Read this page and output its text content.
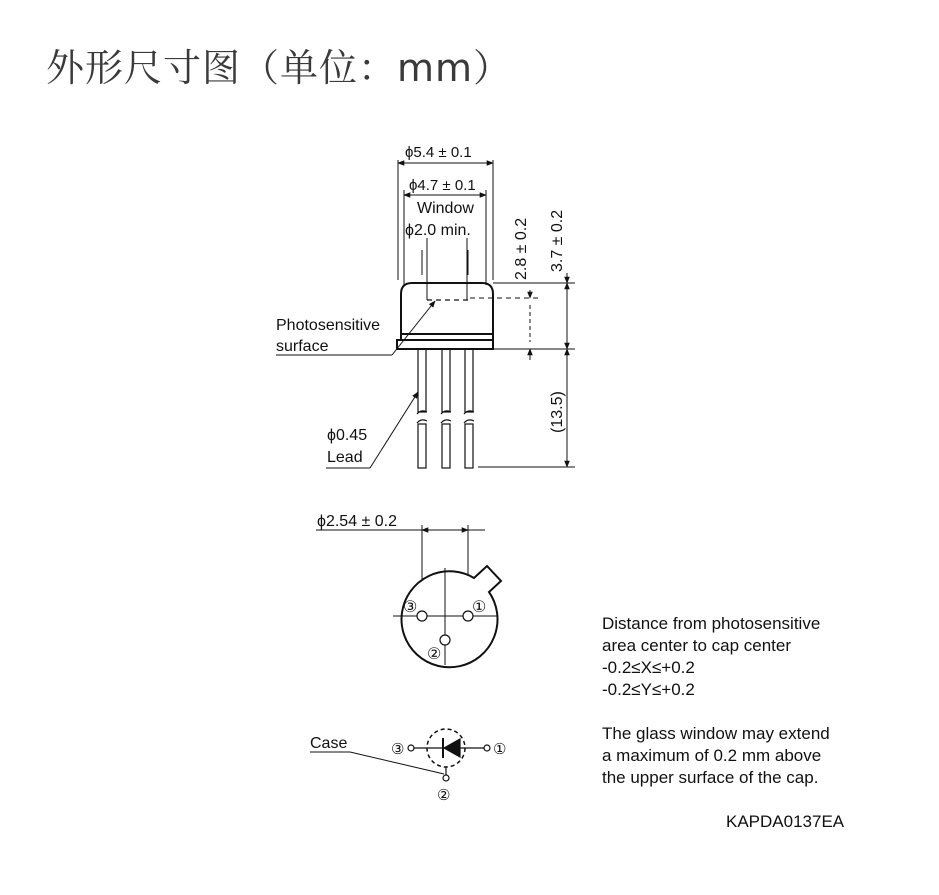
外形尺寸图（单位：mm）
ϕ5.4 ± 0.1
ϕ4.7 ± 0.1
Window
ϕ2.0 min.	2.8 ± 0.2 3.7 ± 0.2
(13.5)
Photosensitive
surface
ϕ0.45
Lead
ϕ2.54 ± 0.2
③	①
②
Case	③	①
②
Distance from photosensitive
area center to cap center
-0.2≤X≤+0.2
-0.2≤Y≤+0.2
The glass window may extend
a maximum of 0.2 mm above
the upper surface of the cap.
KAPDA0137EA
